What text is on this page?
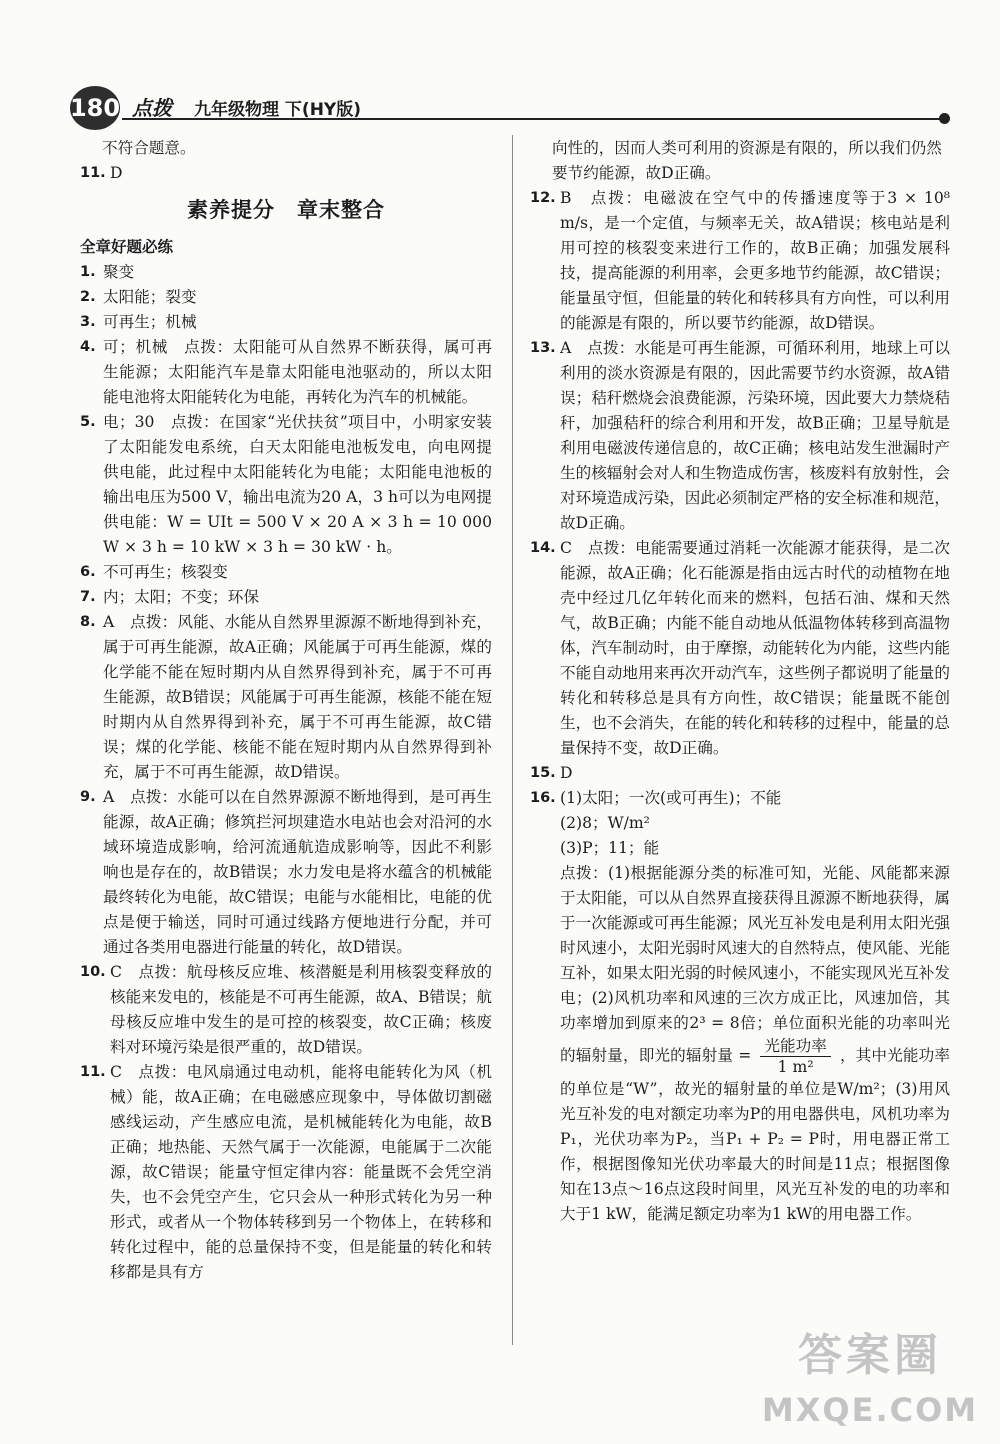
180 点拨 九年级物理 下(HY版)
不符合题意。
11. D
素养提分　章末整合
全章好题必练
1. 聚变
2. 太阳能；裂变
3. 可再生；机械
4. 可；机械　点拨：太阳能可从自然界不断获得，属可再生能源；太阳能汽车是靠太阳能电池驱动的，所以太阳能电池将太阳能转化为电能，再转化为汽车的机械能。
5. 电；30　点拨：在国家“光伏扶贫”项目中，小明家安装了太阳能发电系统，白天太阳能电池板发电，向电网提供电能，此过程中太阳能转化为电能；太阳能电池板的输出电压为500 V，输出电流为20 A，3 h可以为电网提供电能：W = UIt = 500 V × 20 A × 3 h = 10 000 W × 3 h = 10 kW × 3 h = 30 kW · h。
6. 不可再生；核裂变
7. 内；太阳；不变；环保
8. A　点拨：风能、水能从自然界里源源不断地得到补充，属于可再生能源，故A正确；风能属于可再生能源，煤的化学能不能在短时期内从自然界得到补充，属于不可再生能源，故B错误；风能属于可再生能源，核能不能在短时期内从自然界得到补充，属于不可再生能源，故C错误；煤的化学能、核能不能在短时期内从自然界得到补充，属于不可再生能源，故D错误。
9. A　点拨：水能可以在自然界源源不断地得到，是可再生能源，故A正确；修筑拦河坝建造水电站也会对沿河的水域环境造成影响，给河流通航造成影响等，因此不利影响也是存在的，故B错误；水力发电是将水蕴含的机械能最终转化为电能，故C错误；电能与水能相比，电能的优点是便于输送，同时可通过线路方便地进行分配，并可通过各类用电器进行能量的转化，故D错误。
10. C　点拨：航母核反应堆、核潜艇是利用核裂变释放的核能来发电的，核能是不可再生能源，故A、B错误；航母核反应堆中发生的是可控的核裂变，故C正确；核废料对环境污染是很严重的，故D错误。
11. C　点拨：电风扇通过电动机，能将电能转化为风（机械）能，故A正确；在电磁感应现象中，导体做切割磁感线运动，产生感应电流，是机械能转化为电能，故B正确；地热能、天然气属于一次能源，电能属于二次能源，故C错误；能量守恒定律内容：能量既不会凭空消失，也不会凭空产生，它只会从一种形式转化为另一种形式，或者从一个物体转移到另一个物体上，在转移和转化过程中，能的总量保持不变，但是能量的转化和转移都是具有方
向性的，因而人类可利用的资源是有限的，所以我们仍然要节约能源，故D正确。
12. B　点拨：电磁波在空气中的传播速度等于3 × 10⁸ m/s，是一个定值，与频率无关，故A错误；核电站是利用可控的核裂变来进行工作的，故B正确；加强发展科技，提高能源的利用率，会更多地节约能源，故C错误；能量虽守恒，但能量的转化和转移具有方向性，可以利用的能源是有限的，所以要节约能源，故D错误。
13. A　点拨：水能是可再生能源，可循环利用，地球上可以利用的淡水资源是有限的，因此需要节约水资源，故A错误；秸秆燃烧会浪费能源，污染环境，因此要大力禁烧秸秆，加强秸秆的综合利用和开发，故B正确；卫星导航是利用电磁波传递信息的，故C正确；核电站发生泄漏时产生的核辐射会对人和生物造成伤害，核废料有放射性，会对环境造成污染，因此必须制定严格的安全标准和规范，故D正确。
14. C　点拨：电能需要通过消耗一次能源才能获得，是二次能源，故A正确；化石能源是指由远古时代的动植物在地壳中经过几亿年转化而来的燃料，包括石油、煤和天然气，故B正确；内能不能自动地从低温物体转移到高温物体，汽车制动时，由于摩擦，动能转化为内能，这些内能不能自动地用来再次开动汽车，这些例子都说明了能量的转化和转移总是具有方向性，故C错误；能量既不能创生，也不会消失，在能的转化和转移的过程中，能量的总量保持不变，故D正确。
15. D
16. (1)太阳；一次(或可再生)；不能
(2)8；W/m²
(3)P；11；能
点拨：(1)根据能源分类的标准可知，光能、风能都来源于太阳能，可以从自然界直接获得且源源不断地获得，属于一次能源或可再生能源；风光互补发电是利用太阳光强时风速小，太阳光弱时风速大的自然特点，使风能、光能互补，如果太阳光弱的时候风速小，不能实现风光互补发电；(2)风机功率和风速的三次方成正比，风速加倍，其功率增加到原来的2³ = 8倍；单位面积光能的功率叫光的辐射量，即光的辐射量 = $\frac{\text{光能功率}}{\text{1 m²}}$ ，其中光能功率的单位是“W”，故光的辐射量的单位是W/m²；(3)用风光互补发的电对额定功率为P的用电器供电，风机功率为P₁，光伏功率为P₂，当P₁ + P₂ = P时，用电器正常工作，根据图像知光伏功率最大的时间是11点；根据图像知在13点～16点这段时间里，风光互补发的电的功率和大于1 kW，能满足额定功率为1 kW的用电器工作。
答案圈
MXQE.COM
